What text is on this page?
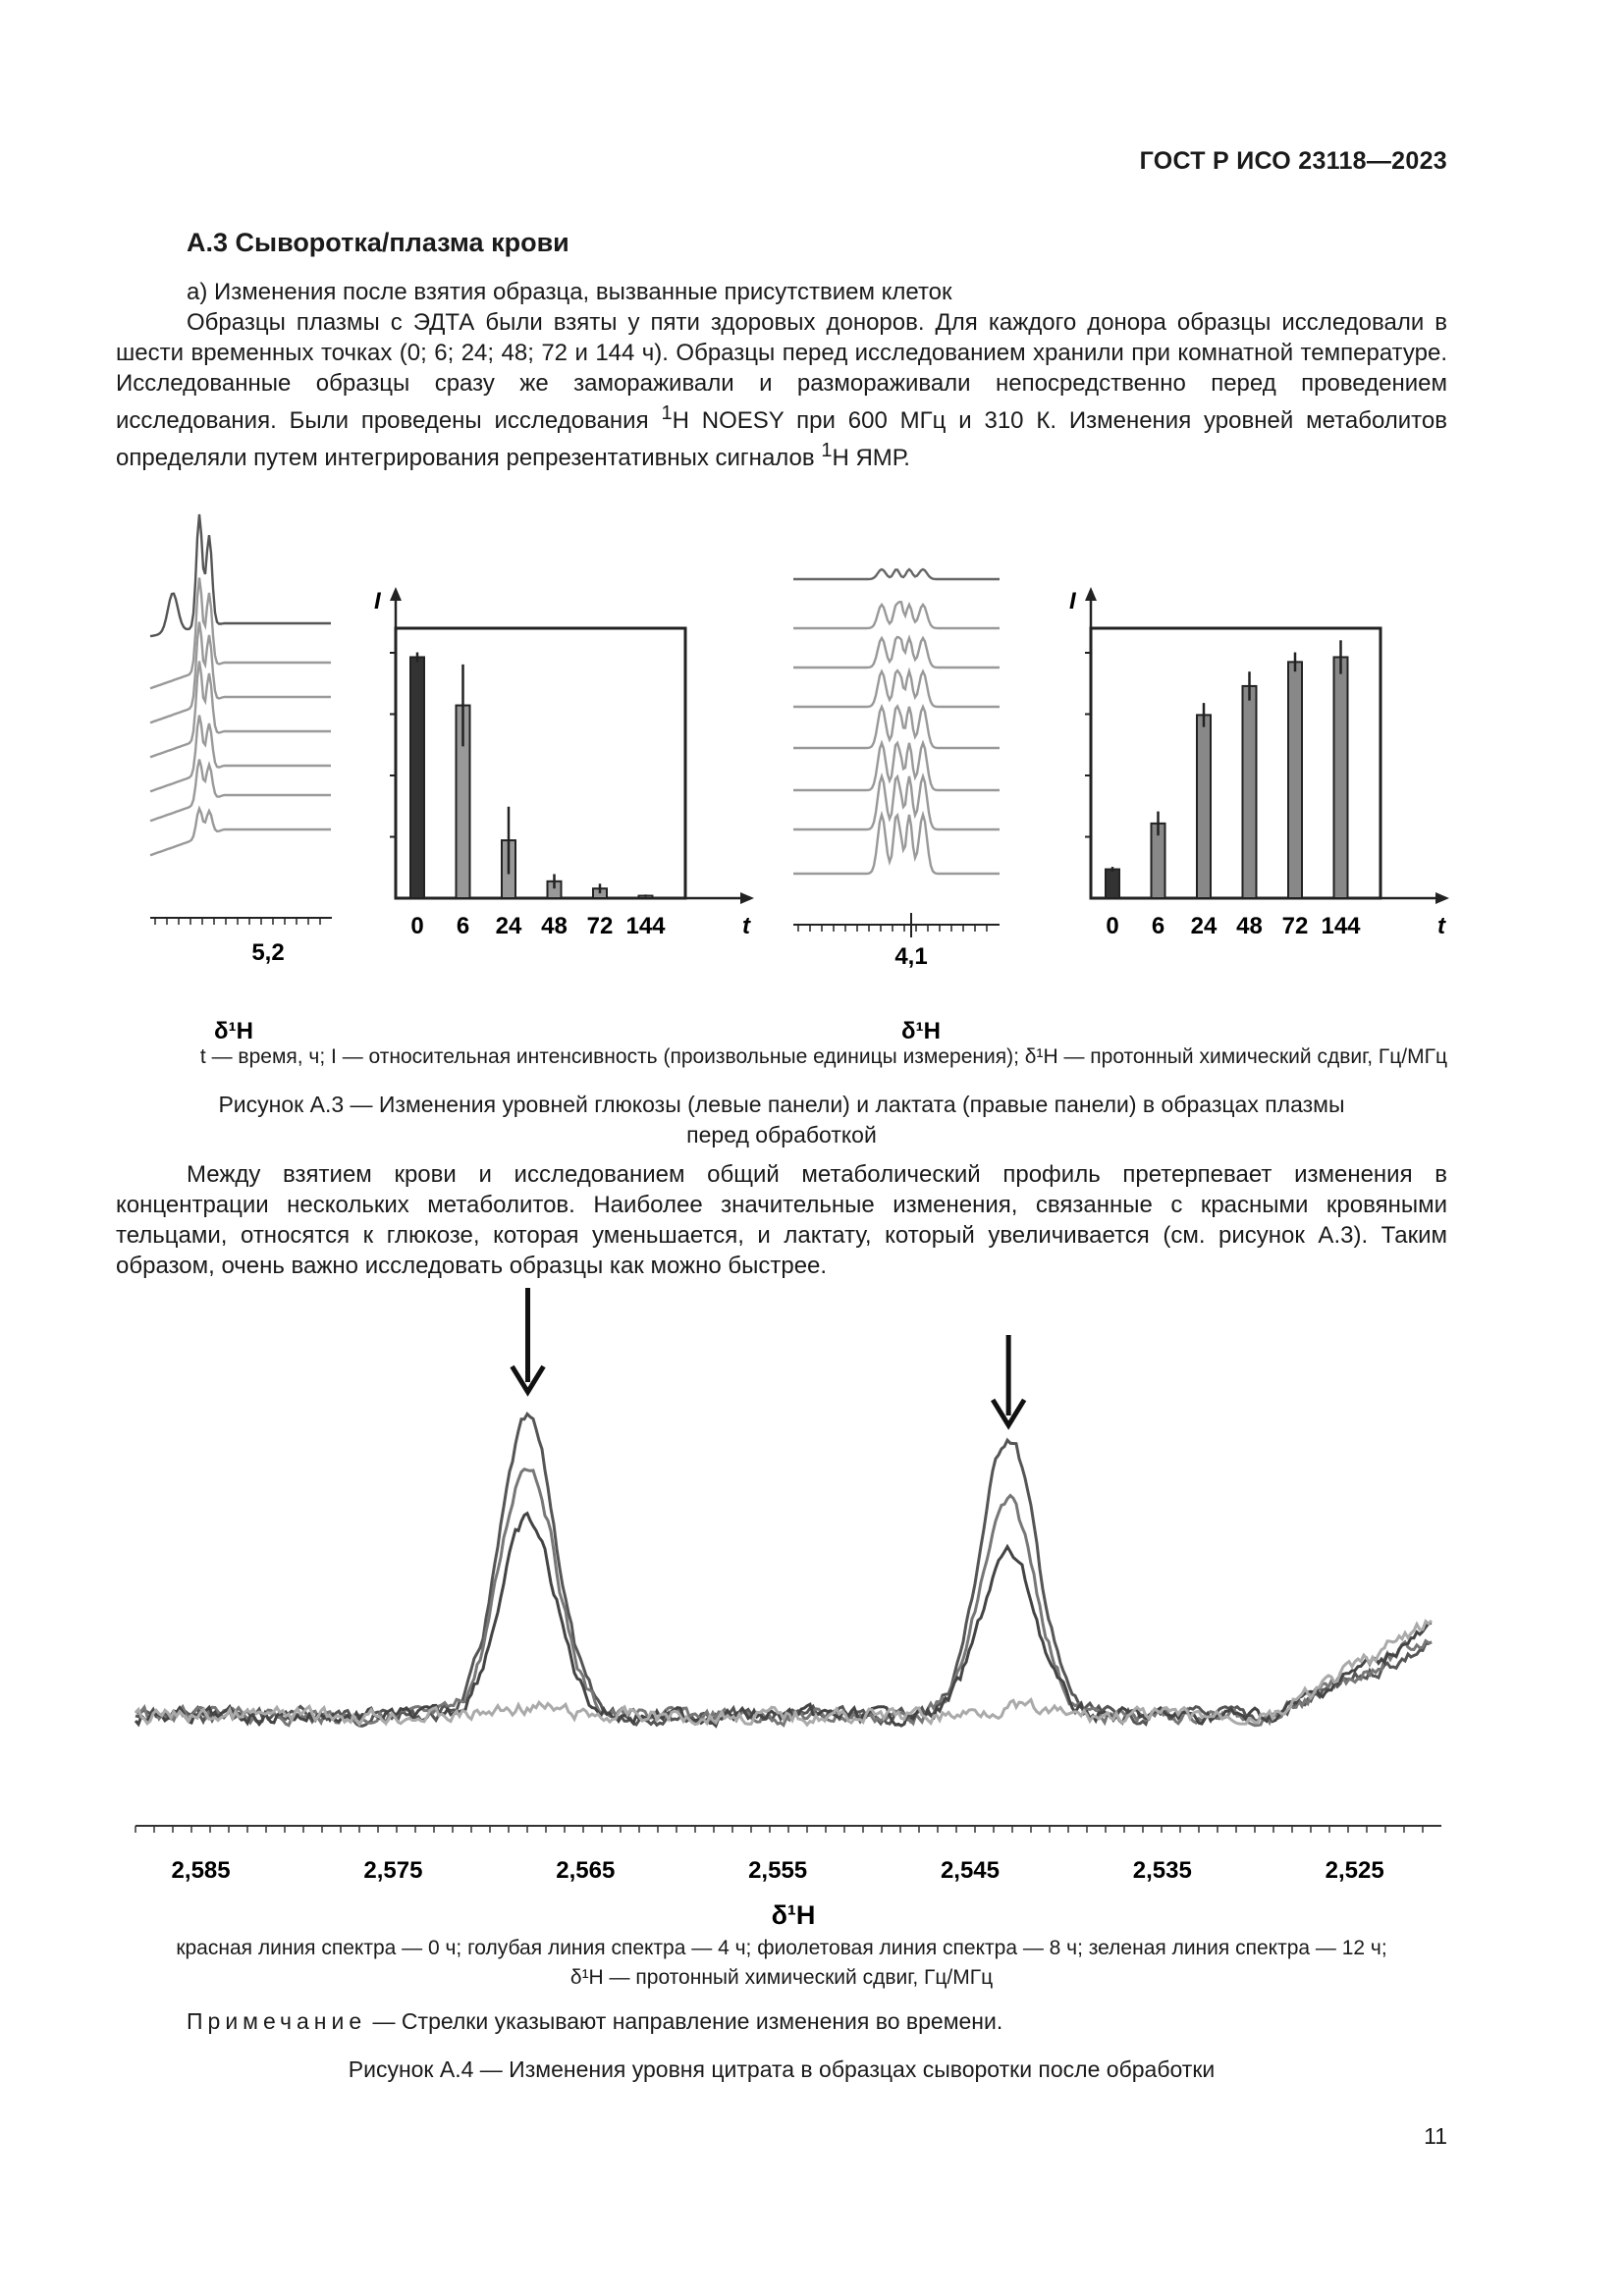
ГОСТ Р ИСО 23118—2023
А.3 Сыворотка/плазма крови

а) Изменения после взятия образца, вызванные присутствием клеток

Образцы плазмы с ЭДТА были взяты у пяти здоровых доноров. Для каждого донора образцы исследовали в шести временных точках (0; 6; 24; 48; 72 и 144 ч). Образцы перед исследованием хранили при комнатной температуре. Исследованные образцы сразу же замораживали и размораживали непосредственно перед проведением исследования. Были проведены исследования $^1$H NOESY при 600 МГц и 310 К. Изменения уровней метаболитов определяли путем интегрирования репрезентативных сигналов $^1$H ЯМР.

5,2	4,1
δ¹H	δ¹H
I
t
0 6 24 48 72 144
I
t
0 6 24 48 72 144
t — время, ч; I — относительная интенсивность (произвольные единицы измерения); δ¹H — протонный химический сдвиг, Гц/МГц
Рисунок А.3 — Изменения уровней глюкозы (левые панели) и лактата (правые панели) в образцах плазмы
перед обработкой

Между взятием крови и исследованием общий метаболический профиль претерпевает изменения в концентрации нескольких метаболитов. Наиболее значительные изменения, связанные с красными кровяными тельцами, относятся к глюкозе, которая уменьшается, и лактату, который увеличивается (см. рисунок А.3). Таким образом, очень важно исследовать образцы как можно быстрее.

2,585	2,575	2,565	2,555	2,545	2,535	2,525
δ¹H
красная линия спектра — 0 ч; голубая линия спектра — 4 ч; фиолетовая линия спектра — 8 ч; зеленая линия спектра — 12 ч;
δ¹H — протонный химический сдвиг, Гц/МГц
Примечание — Стрелки указывают направление изменения во времени.
Рисунок А.4 — Изменения уровня цитрата в образцах сыворотки после обработки
11
